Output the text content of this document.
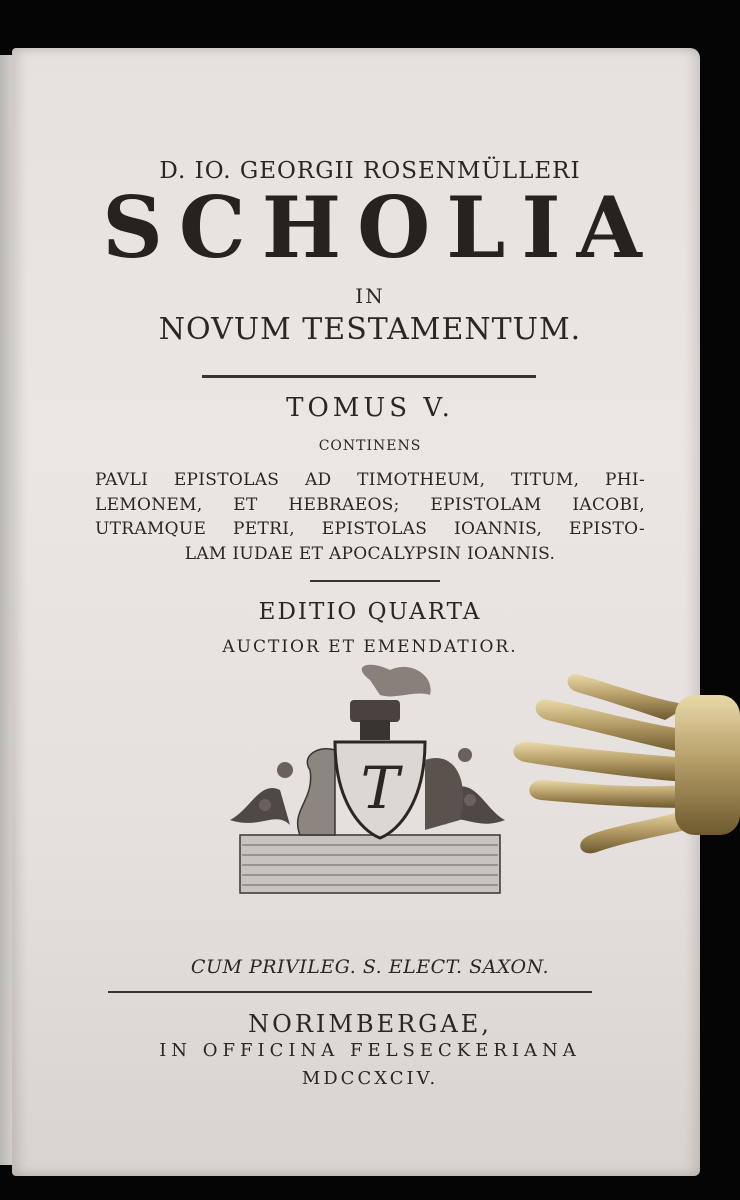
D. IO. GEORGII ROSENMÜLLERI
SCHOLIA
IN
NOVUM TESTAMENTUM.
TOMUS V.
CONTINENS
PAVLI EPISTOLAS AD TIMOTHEUM, TITUM, PHI-
LEMONEM, ET HEBRAEOS; EPISTOLAM IACOBI,
UTRAMQUE PETRI, EPISTOLAS IOANNIS, EPISTO-
LAM IUDAE ET APOCALYPSIN IOANNIS.
EDITIO QUARTA
AUCTIOR ET EMENDATIOR.
T
CUM PRIVILEG. S. ELECT. SAXON.
NORIMBERGAE,
IN OFFICINA FELSECKERIANA
MDCCXCIV.
